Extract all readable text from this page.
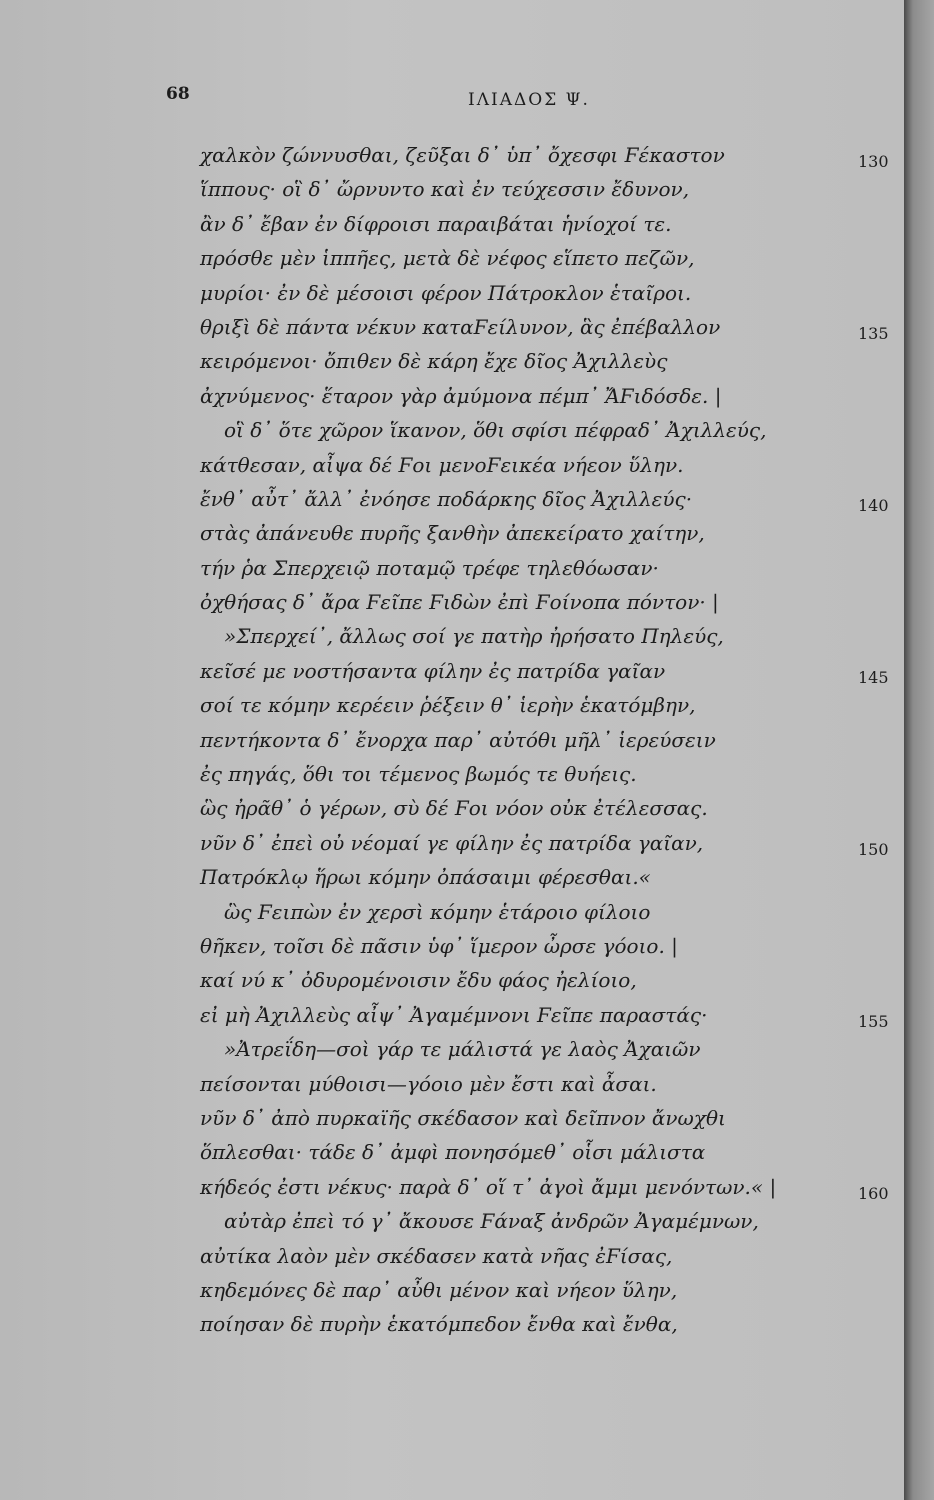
68	ΙΛΙΑΔΟΣ Ψ.
χαλκὸν ζώννυσθαι, ζεῦξαι δ᾽ ὑπ᾽ ὄχεσφι Ϝέκαστον
ἵππους· οἳ δ᾽ ὤρνυντο καὶ ἐν τεύχεσσιν ἔδυνον,
ἂν δ᾽ ἔβαν ἐν δίφροισι παραιβάται ἡνίοχοί τε.
πρόσθε μὲν ἱππῆες, μετὰ δὲ νέφος εἵπετο πεζῶν,
μυρίοι· ἐν δὲ μέσοισι φέρον Πάτροκλον ἑταῖροι.
θριξὶ δὲ πάντα νέκυν καταϜείλυνον, ἃς ἐπέβαλλον
κειρόμενοι· ὄπιθεν δὲ κάρη ἔχε δῖος Ἀχιλλεὺς
ἀχνύμενος· ἕταρον γὰρ ἀμύμονα πέμπ᾽ ἌϜιδόσδε. |
οἳ δ᾽ ὅτε χῶρον ἵκανον, ὅθι σφίσι πέφραδ᾽ Ἀχιλλεύς,
κάτθεσαν, αἶψα δέ Ϝοι μενοϜεικέα νήεον ὕλην.
ἔνθ᾽ αὖτ᾽ ἄλλ᾽ ἐνόησε ποδάρκης δῖος Ἀχιλλεύς·
στὰς ἀπάνευθε πυρῆς ξανθὴν ἀπεκείρατο χαίτην,
τήν ῥα Σπερχειῷ ποταμῷ τρέφε τηλεθόωσαν·
ὀχθήσας δ᾽ ἄρα Ϝεῖπε Ϝιδὼν ἐπὶ Ϝοίνοπα πόντον· |
»Σπερχεί᾽, ἄλλως σοί γε πατὴρ ἠρήσατο Πηλεύς,
κεῖσέ με νοστήσαντα φίλην ἐς πατρίδα γαῖαν
σοί τε κόμην κερέειν ῥέξειν θ᾽ ἱερὴν ἑκατόμβην,
πεντήκοντα δ᾽ ἔνορχα παρ᾽ αὐτόθι μῆλ᾽ ἱερεύσειν
ἐς πηγάς, ὅθι τοι τέμενος βωμός τε θυήεις.
ὣς ἠρᾶθ᾽ ὁ γέρων, σὺ δέ Ϝοι νόον οὐκ ἐτέλεσσας.
νῦν δ᾽ ἐπεὶ οὐ νέομαί γε φίλην ἐς πατρίδα γαῖαν,
Πατρόκλῳ ἥρωι κόμην ὀπάσαιμι φέρεσθαι.«
ὣς Ϝειπὼν ἐν χερσὶ κόμην ἑτάροιο φίλοιο
θῆκεν, τοῖσι δὲ πᾶσιν ὑφ᾽ ἵμερον ὦρσε γόοιο. |
καί νύ κ᾽ ὀδυρομένοισιν ἔδυ φάος ἠελίοιο,
εἰ μὴ Ἀχιλλεὺς αἶψ᾽ Ἀγαμέμνονι Ϝεῖπε παραστάς·
»Ἀτρεΐδη—σοὶ γάρ τε μάλιστά γε λαὸς Ἀχαιῶν
πείσονται μύθοισι—γόοιο μὲν ἔστι καὶ ἆσαι.
νῦν δ᾽ ἀπὸ πυρκαϊῆς σκέδασον καὶ δεῖπνον ἄνωχθι
ὅπλεσθαι· τάδε δ᾽ ἀμφὶ πονησόμεθ᾽ οἷσι μάλιστα
κήδεός ἐστι νέκυς· παρὰ δ᾽ οἵ τ᾽ ἀγοὶ ἄμμι μενόντων.« |
αὐτὰρ ἐπεὶ τό γ᾽ ἄκουσε Ϝάναξ ἀνδρῶν Ἀγαμέμνων,
αὐτίκα λαὸν μὲν σκέδασεν κατὰ νῆας ἐϜίσας,
κηδεμόνες δὲ παρ᾽ αὖθι μένον καὶ νήεον ὕλην,
ποίησαν δὲ πυρὴν ἑκατόμπεδον ἔνθα καὶ ἔνθα,
130
135
140
145
150
155
160
